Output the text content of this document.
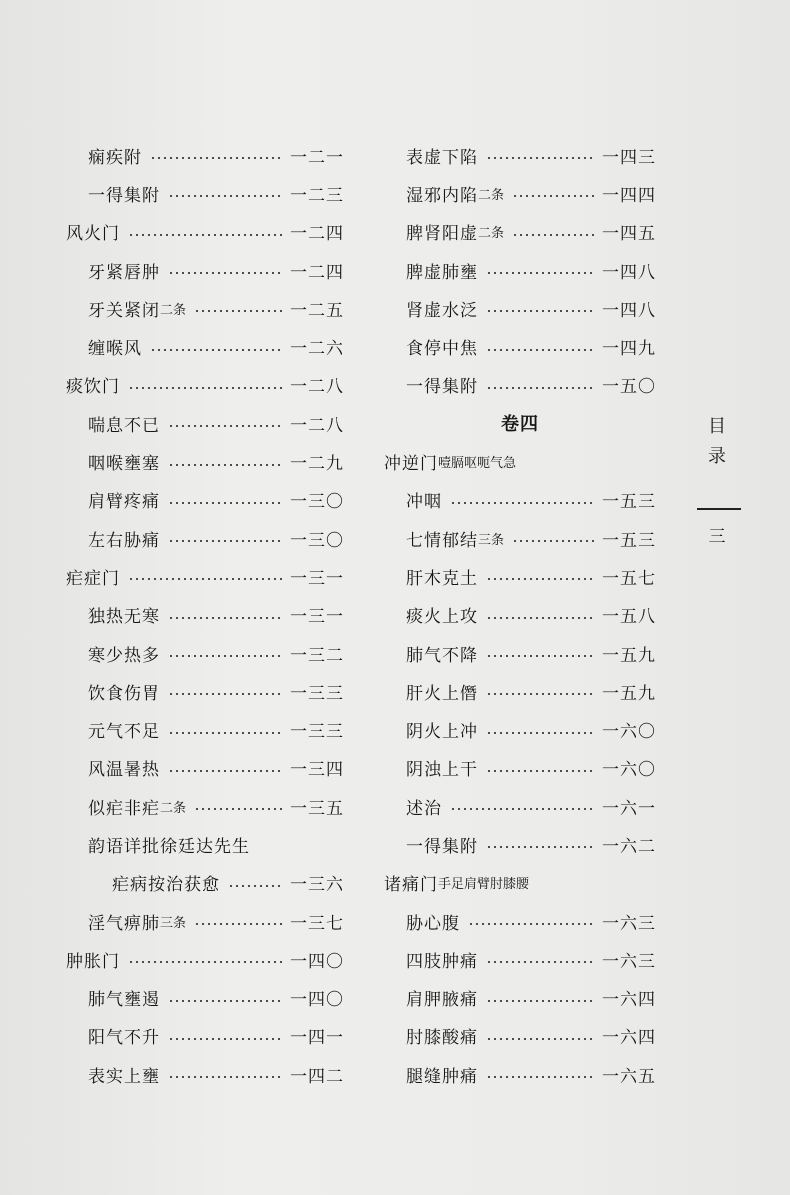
痫疾附	一二一
一得集附	一二三
风火门	一二四
牙紧唇肿	一二四
牙关紧闭 二条	一二五
缠喉风	一二六
痰饮门	一二八
喘息不已	一二八
咽喉壅塞	一二九
肩臂疼痛	一三〇
左右胁痛	一三〇
疟症门	一三一
独热无寒	一三一
寒少热多	一三二
饮食伤胃	一三三
元气不足	一三三
风温暑热	一三四
似疟非疟 二条	一三五
韵语详批徐廷达先生
疟病按治获愈	一三六
淫气痹肺 三条	一三七
肿胀门	一四〇
肺气壅遏	一四〇
阳气不升	一四一
表实上壅	一四二
表虚下陷	一四三
湿邪内陷 二条	一四四
脾肾阳虚 二条	一四五
脾虚肺壅	一四八
肾虚水泛	一四八
食停中焦	一四九
一得集附	一五〇
卷四
冲逆门 噎膈呕呃气急
冲咽	一五三
七情郁结 三条	一五三
肝木克土	一五七
痰火上攻	一五八
肺气不降	一五九
肝火上僭	一五九
阴火上冲	一六〇
阴浊上干	一六〇
述治	一六一
一得集附	一六二
诸痛门 手足肩臂肘膝腰
胁心腹	一六三
四肢肿痛	一六三
肩胛腋痛	一六四
肘膝酸痛	一六四
腿缝肿痛	一六五
目
录
三
